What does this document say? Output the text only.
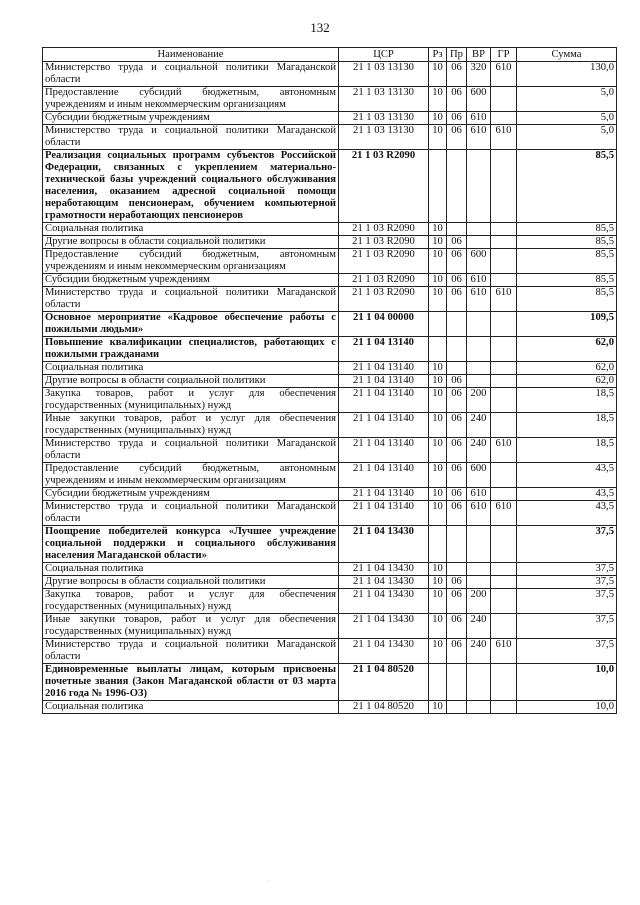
132
Наименование	ЦСР	Рз	Пр	ВР	ГР	Сумма
Министерство труда и социальной политики Магаданской области	21 1 03 13130	10	06	320	610	130,0
Предоставление субсидий бюджетным, автономным учреждениям и иным некоммерческим организациям	21 1 03 13130	10	06	600		5,0
Субсидии бюджетным учреждениям	21 1 03 13130	10	06	610		5,0
Министерство труда и социальной политики Магаданской области	21 1 03 13130	10	06	610	610	5,0
Реализация социальных программ субъектов Российской Федерации, связанных с укреплением материально-технической базы учреждений социального обслуживания населения, оказанием адресной социальной помощи неработающим пенсионерам, обучением компьютерной грамотности неработающих пенсионеров	21 1 03 R2090					85,5
Социальная политика	21 1 03 R2090	10				85,5
Другие вопросы в области социальной политики	21 1 03 R2090	10	06			85,5
Предоставление субсидий бюджетным, автономным учреждениям и иным некоммерческим организациям	21 1 03 R2090	10	06	600		85,5
Субсидии бюджетным учреждениям	21 1 03 R2090	10	06	610		85,5
Министерство труда и социальной политики Магаданской области	21 1 03 R2090	10	06	610	610	85,5
Основное мероприятие «Кадровое обеспечение работы с пожилыми людьми»	21 1 04 00000					109,5
Повышение квалификации специалистов, работающих с пожилыми гражданами	21 1 04 13140					62,0
Социальная политика	21 1 04 13140	10				62,0
Другие вопросы в области социальной политики	21 1 04 13140	10	06			62,0
Закупка товаров, работ и услуг для обеспечения государственных (муниципальных) нужд	21 1 04 13140	10	06	200		18,5
Иные закупки товаров, работ и услуг для обеспечения государственных (муниципальных) нужд	21 1 04 13140	10	06	240		18,5
Министерство труда и социальной политики Магаданской области	21 1 04 13140	10	06	240	610	18,5
Предоставление субсидий бюджетным, автономным учреждениям и иным некоммерческим организациям	21 1 04 13140	10	06	600		43,5
Субсидии бюджетным учреждениям	21 1 04 13140	10	06	610		43,5
Министерство труда и социальной политики Магаданской области	21 1 04 13140	10	06	610	610	43,5
Поощрение победителей конкурса «Лучшее учреждение социальной поддержки и социального обслуживания населения Магаданской области»	21 1 04 13430					37,5
Социальная политика	21 1 04 13430	10				37,5
Другие вопросы в области социальной политики	21 1 04 13430	10	06			37,5
Закупка товаров, работ и услуг для обеспечения государственных (муниципальных) нужд	21 1 04 13430	10	06	200		37,5
Иные закупки товаров, работ и услуг для обеспечения государственных (муниципальных) нужд	21 1 04 13430	10	06	240		37,5
Министерство труда и социальной политики Магаданской области	21 1 04 13430	10	06	240	610	37,5
Единовременные выплаты лицам, которым присвоены почетные звания (Закон Магаданской области от 03 марта 2016 года № 1996-ОЗ)	21 1 04 80520					10,0
Социальная политика	21 1 04 80520	10				10,0
·
